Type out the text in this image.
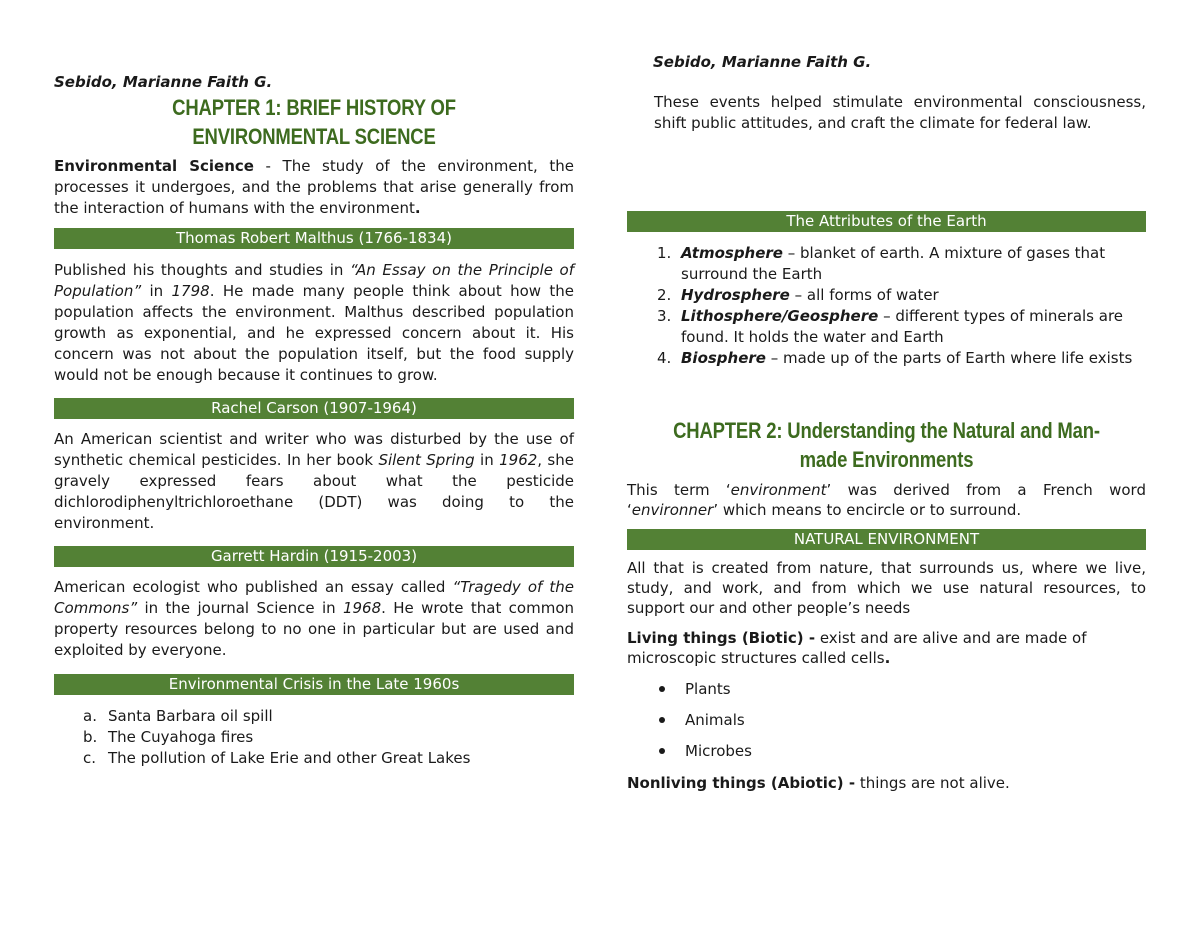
Sebido, Marianne Faith G.
CHAPTER 1: BRIEF HISTORY OF
ENVIRONMENTAL SCIENCE

Environmental Science - The study of the environment, the processes it undergoes, and the problems that arise generally from the interaction of humans with the environment.

Thomas Robert Malthus (1766-1834)

Published his thoughts and studies in “An Essay on the Principle of Population” in 1798. He made many people think about how the population affects the environment. Malthus described population growth as exponential, and he expressed concern about it. His concern was not about the population itself, but the food supply would not be enough because it continues to grow.

Rachel Carson (1907-1964)

An American scientist and writer who was disturbed by the use of synthetic chemical pesticides. In her book Silent Spring in 1962, she gravely expressed fears about what the pesticide dichlorodiphenyltrichloroethane (DDT) was doing to the environment.

Garrett Hardin (1915-2003)

American ecologist who published an essay called “Tragedy of the Commons” in the journal Science in 1968. He wrote that common property resources belong to no one in particular but are used and exploited by everyone.

Environmental Crisis in the Late 1960s
a. Santa Barbara oil spill
b. The Cuyahoga fires
c. The pollution of Lake Erie and other Great Lakes
Sebido, Marianne Faith G.

These events helped stimulate environmental consciousness, shift public attitudes, and craft the climate for federal law.

The Attributes of the Earth
1. Atmosphere – blanket of earth. A mixture of gases that surround the Earth
2. Hydrosphere – all forms of water
3. Lithosphere/Geosphere – different types of minerals are found. It holds the water and Earth
4. Biosphere – made up of the parts of Earth where life exists
CHAPTER 2: Understanding the Natural and Man-
made Environments

This term ‘environment’ was derived from a French word ‘environner’ which means to encircle or to surround.

NATURAL ENVIRONMENT

All that is created from nature, that surrounds us, where we live, study, and work, and from which we use natural resources, to support our and other people’s needs

Living things (Biotic) - exist and are alive and are made of microscopic structures called cells.

Plants
Animals
Microbes

Nonliving things (Abiotic) - things are not alive.
